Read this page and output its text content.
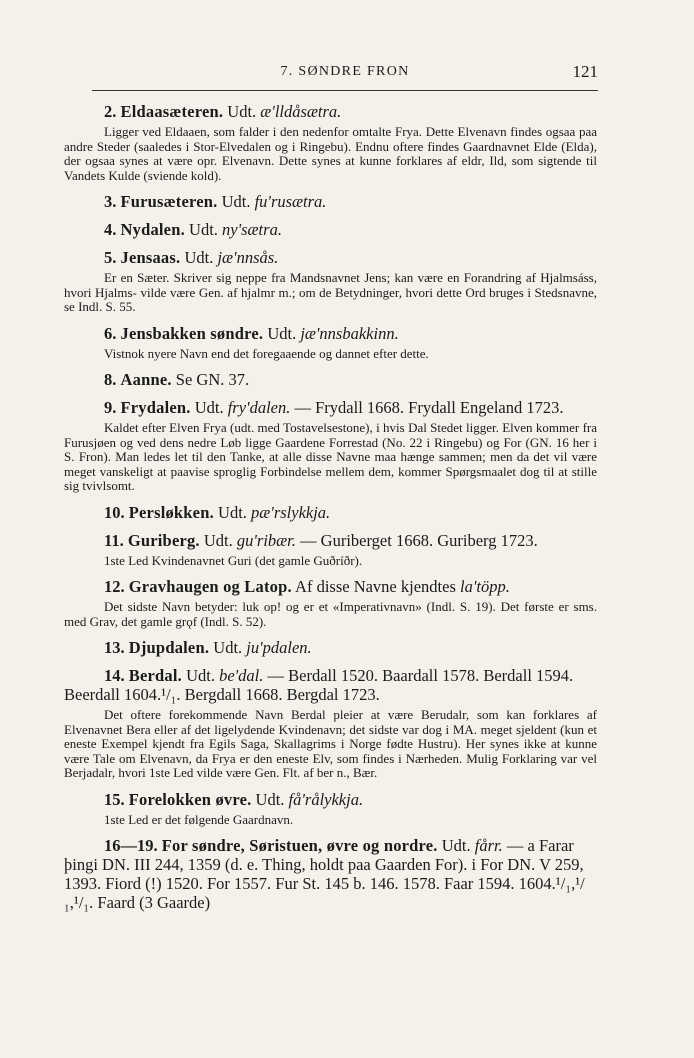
7. SØNDRE FRON	121

2. Eldaasæteren. Udt. æ'lldåsætra.

Ligger ved Eldaaen, som falder i den nedenfor omtalte Frya. Dette Elvenavn findes ogsaa paa andre Steder (saaledes i Stor-Elvedalen og i Ringebu). Endnu oftere findes Gaardnavnet Elde (Elda), der ogsaa synes at være opr. Elvenavn. Dette synes at kunne forklares af eldr, Ild, som sigtende til Vandets Kulde (sviende kold).

3. Furusæteren. Udt. fu'rusætra.

4. Nydalen. Udt. ny'sætra.

5. Jensaas. Udt. jæ'nnsås.

Er en Sæter. Skriver sig neppe fra Mandsnavnet Jens; kan være en Forandring af Hjalmsáss, hvori Hjalms- vilde være Gen. af hjalmr m.; om de Betydninger, hvori dette Ord bruges i Stedsnavne, se Indl. S. 55.

6. Jensbakken søndre. Udt. jæ'nnsbakkinn.

Vistnok nyere Navn end det foregaaende og dannet efter dette.

8. Aanne. Se GN. 37.

9. Frydalen. Udt. fry'dalen. — Frydall 1668. Frydall Engeland 1723.

Kaldet efter Elven Frya (udt. med Tostavelsestone), i hvis Dal Stedet ligger. Elven kommer fra Furusjøen og ved dens nedre Løb ligge Gaardene Forrestad (No. 22 i Ringebu) og For (GN. 16 her i S. Fron). Man ledes let til den Tanke, at alle disse Navne maa hænge sammen; men da det vil være meget vanskeligt at paavise sproglig Forbindelse mellem dem, kommer Spørgsmaalet dog til at stille sig tvivlsomt.

10. Persløkken. Udt. pæ'rslykkja.

11. Guriberg. Udt. gu'ribær. — Guriberget 1668. Guriberg 1723.

1ste Led Kvindenavnet Guri (det gamle Guðríðr).

12. Gravhaugen og Latop. Af disse Navne kjendtes la'töpp.

Det sidste Navn betyder: luk op! og er et «Imperativnavn» (Indl. S. 19). Det første er sms. med Grav, det gamle grǫf (Indl. S. 52).

13. Djupdalen. Udt. ju'pdalen.

14. Berdal. Udt. be'dal. — Berdall 1520. Baardall 1578. Berdall 1594. Beerdall 1604.¹/₁. Bergdall 1668. Bergdal 1723.

Det oftere forekommende Navn Berdal pleier at være Berudalr, som kan forklares af Elvenavnet Bera eller af det ligelydende Kvindenavn; det sidste var dog i MA. meget sjeldent (kun et eneste Exempel kjendt fra Egils Saga, Skallagrims i Norge fødte Hustru). Her synes ikke at kunne være Tale om Elvenavn, da Frya er den eneste Elv, som findes i Nærheden. Mulig Forklaring var vel Berjadalr, hvori 1ste Led vilde være Gen. Flt. af ber n., Bær.

15. Forelokken øvre. Udt. få'rålykkja.

1ste Led er det følgende Gaardnavn.

16—19. For søndre, Søristuen, øvre og nordre. Udt. fårr. — a Farar þingi DN. III 244, 1359 (d. e. Thing, holdt paa Gaarden For). i For DN. V 259, 1393. Fiord (!) 1520. For 1557. Fur St. 145 b. 146. 1578. Faar 1594. 1604.¹/₁,¹/₁,¹/₁. Faard (3 Gaarde)
